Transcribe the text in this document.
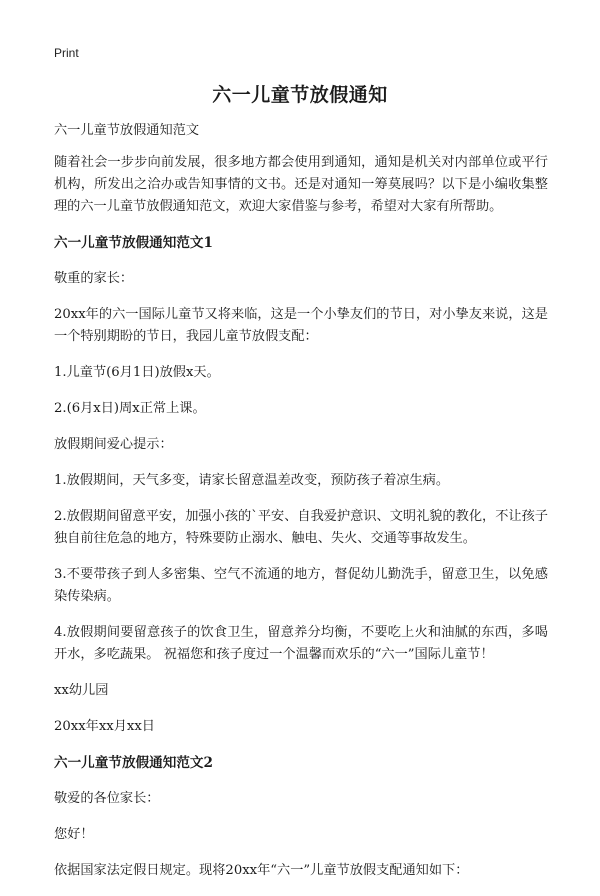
Print
六一儿童节放假通知

六一儿童节放假通知范文

随着社会一步步向前发展，很多地方都会使用到通知，通知是机关对内部单位或平行机构，所发出之洽办或告知事情的文书。还是对通知一筹莫展吗？以下是小编收集整理的六一儿童节放假通知范文，欢迎大家借鉴与参考，希望对大家有所帮助。

六一儿童节放假通知范文1

敬重的家长：

20xx年的六一国际儿童节又将来临，这是一个小挚友们的节日，对小挚友来说，这是一个特别期盼的节日，我园儿童节放假支配：

1.儿童节(6月1日)放假x天。

2.(6月x日)周x正常上课。

放假期间爱心提示：

1.放假期间，天气多变，请家长留意温差改变，预防孩子着凉生病。

2.放假期间留意平安，加强小孩的`平安、自我爱护意识、文明礼貌的教化，不让孩子独自前往危急的地方，特殊要防止溺水、触电、失火、交通等事故发生。

3.不要带孩子到人多密集、空气不流通的地方，督促幼儿勤洗手，留意卫生，以免感染传染病。

4.放假期间要留意孩子的饮食卫生，留意养分均衡，不要吃上火和油腻的东西，多喝开水，多吃蔬果。 祝福您和孩子度过一个温馨而欢乐的“六一”国际儿童节！

xx幼儿园

20xx年xx月xx日

六一儿童节放假通知范文2

敬爱的各位家长：

您好！

依据国家法定假日规定。现将20xx年“六一”儿童节放假支配通知如下：
